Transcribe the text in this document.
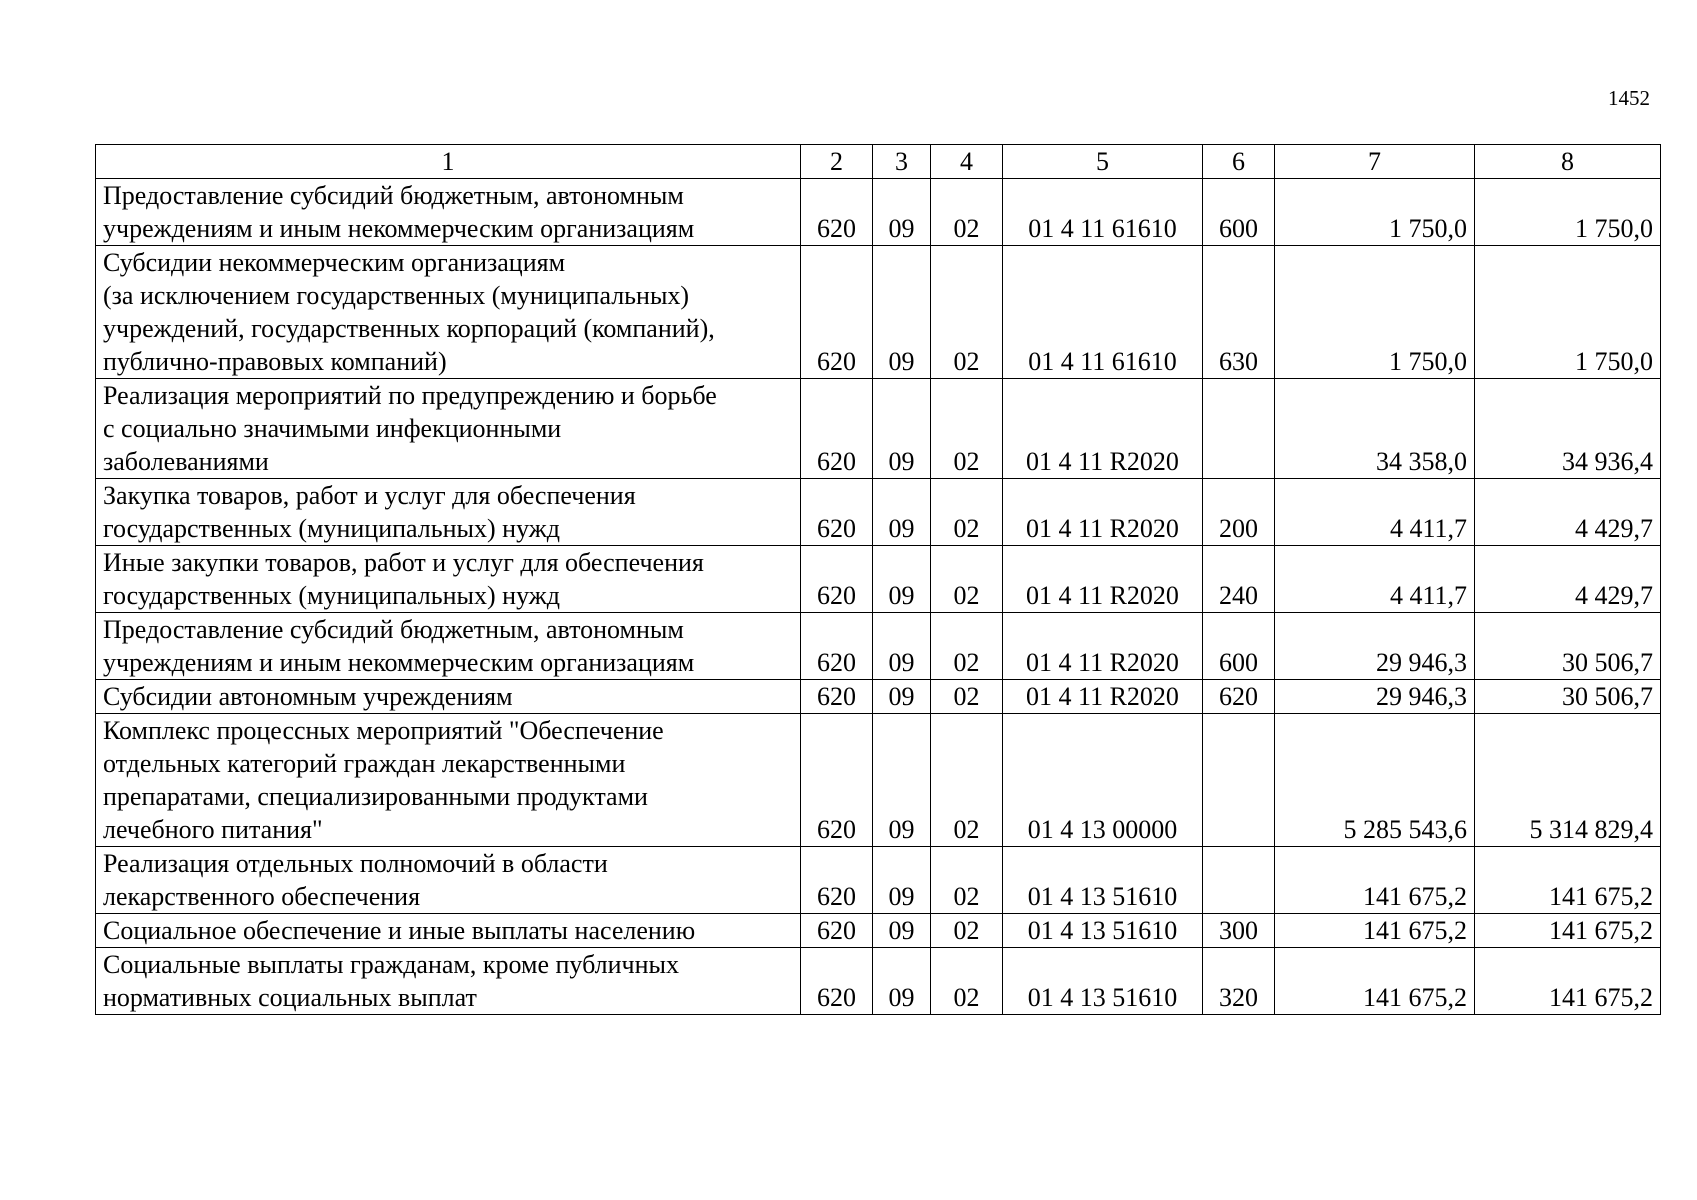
1452
1	2	3	4	5	6	7	8

Предоставление субсидий бюджетным, автономным
учреждениям и иным некоммерческим организациям	620	09	02	01 4 11 61610	600	1 750,0	1 750,0

Субсидии некоммерческим организациям
(за исключением государственных (муниципальных)
учреждений, государственных корпораций (компаний),
публично-правовых компаний)	620	09	02	01 4 11 61610	630	1 750,0	1 750,0

Реализация мероприятий по предупреждению и борьбе
с социально значимыми инфекционными
заболеваниями	620	09	02	01 4 11 R2020		34 358,0	34 936,4

Закупка товаров, работ и услуг для обеспечения
государственных (муниципальных) нужд	620	09	02	01 4 11 R2020	200	4 411,7	4 429,7

Иные закупки товаров, работ и услуг для обеспечения
государственных (муниципальных) нужд	620	09	02	01 4 11 R2020	240	4 411,7	4 429,7

Предоставление субсидий бюджетным, автономным
учреждениям и иным некоммерческим организациям	620	09	02	01 4 11 R2020	600	29 946,3	30 506,7

Субсидии автономным учреждениям	620	09	02	01 4 11 R2020	620	29 946,3	30 506,7

Комплекс процессных мероприятий "Обеспечение
отдельных категорий граждан лекарственными
препаратами, специализированными продуктами
лечебного питания"	620	09	02	01 4 13 00000		5 285 543,6	5 314 829,4

Реализация отдельных полномочий в области
лекарственного обеспечения	620	09	02	01 4 13 51610		141 675,2	141 675,2

Социальное обеспечение и иные выплаты населению	620	09	02	01 4 13 51610	300	141 675,2	141 675,2

Социальные выплаты гражданам, кроме публичных
нормативных социальных выплат	620	09	02	01 4 13 51610	320	141 675,2	141 675,2
